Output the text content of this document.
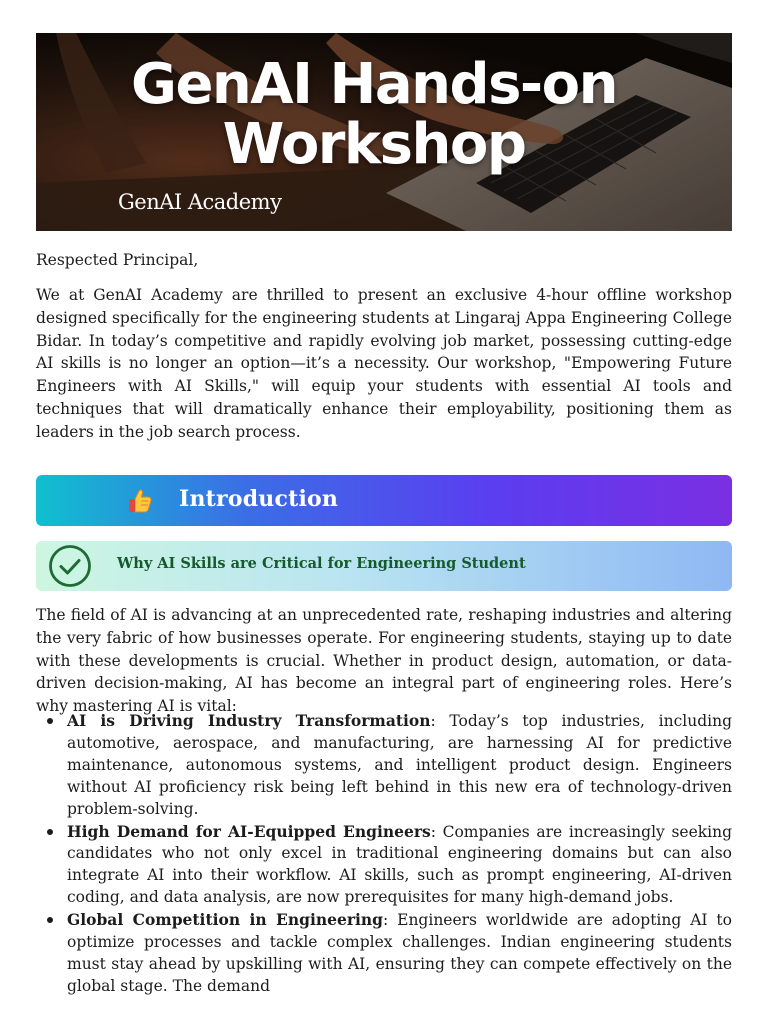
GenAI Hands-on Workshop
GenAI Academy

Respected Principal,

We at GenAI Academy are thrilled to present an exclusive 4-hour offline workshop designed specifically for the engineering students at Lingaraj Appa Engineering College Bidar. In today’s competitive and rapidly evolving job market, possessing cutting-edge AI skills is no longer an option—it’s a necessity. Our workshop, "Empowering Future Engineers with AI Skills," will equip your students with essential AI tools and techniques that will dramatically enhance their employability, positioning them as leaders in the job search process.

Introduction
Why AI Skills are Critical for Engineering Student

The field of AI is advancing at an unprecedented rate, reshaping industries and altering the very fabric of how businesses operate. For engineering students, staying up to date with these developments is crucial. Whether in product design, automation, or data-driven decision-making, AI has become an integral part of engineering roles. Here’s why mastering AI is vital:

AI is Driving Industry Transformation: Today’s top industries, including automotive, aerospace, and manufacturing, are harnessing AI for predictive maintenance, autonomous systems, and intelligent product design. Engineers without AI proficiency risk being left behind in this new era of technology-driven problem-solving.
High Demand for AI-Equipped Engineers: Companies are increasingly seeking candidates who not only excel in traditional engineering domains but can also integrate AI into their workflow. AI skills, such as prompt engineering, AI-driven coding, and data analysis, are now prerequisites for many high-demand jobs.
Global Competition in Engineering: Engineers worldwide are adopting AI to optimize processes and tackle complex challenges. Indian engineering students must stay ahead by upskilling with AI, ensuring they can compete effectively on the global stage. The demand
